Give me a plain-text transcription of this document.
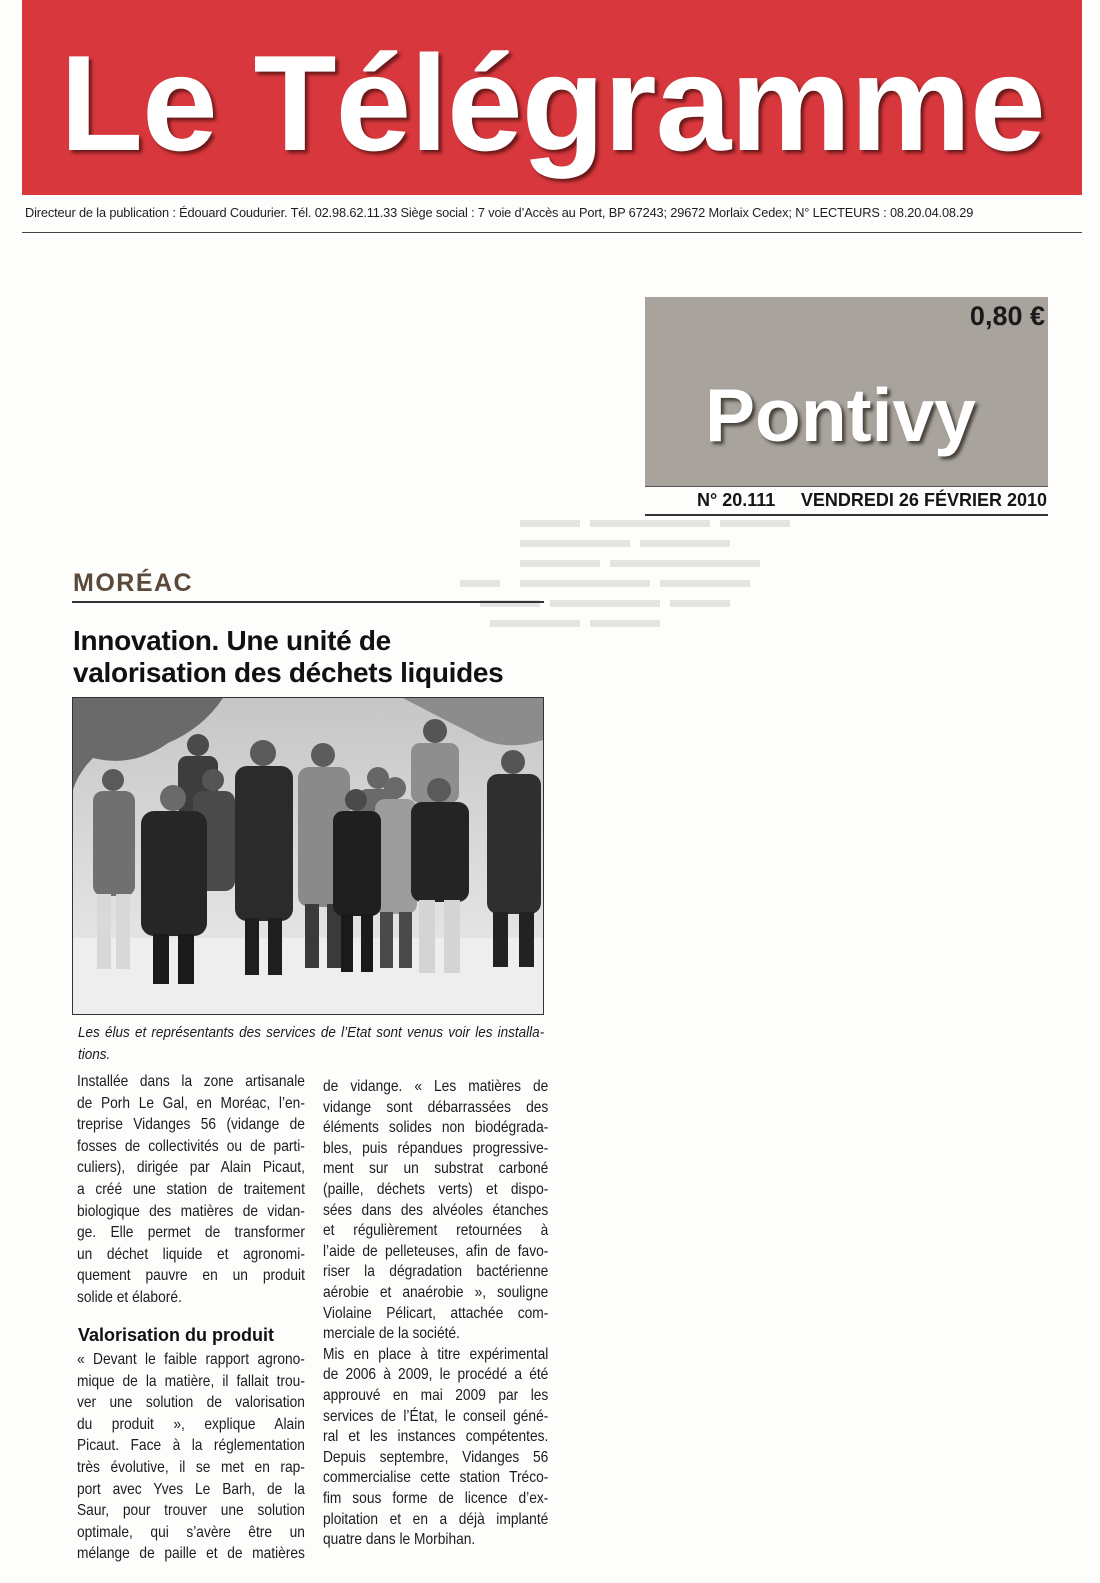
Le Télégramme
Directeur de la publication : Édouard Coudurier. Tél. 02.98.62.11.33 Siège social : 7 voie d’Accès au Port, BP 67243; 29672 Morlaix Cedex; N° LECTEURS : 08.20.04.08.29
0,80 €
Pontivy
N° 20.111 VENDREDI 26 FÉVRIER 2010
MORÉAC
Innovation. Une unité de
valorisation des déchets liquides
Les élus et représentants des services de l’Etat sont venus voir les installa-
tions.
Installée dans la zone artisanale
de Porh Le Gal, en Moréac, l’en-
treprise Vidanges 56 (vidange de
fosses de collectivités ou de parti-
culiers), dirigée par Alain Picaut,
a créé une station de traitement
biologique des matières de vidan-
ge. Elle permet de transformer
un déchet liquide et agronomi-
quement pauvre en un produit
solide et élaboré.
Valorisation du produit
« Devant le faible rapport agrono-
mique de la matière, il fallait trou-
ver une solution de valorisation
du produit », explique Alain
Picaut. Face à la réglementation
très évolutive, il se met en rap-
port avec Yves Le Barh, de la
Saur, pour trouver une solution
optimale, qui s’avère être un
mélange de paille et de matières
de vidange. « Les matières de
vidange sont débarrassées des
éléments solides non biodégrada-
bles, puis répandues progressive-
ment sur un substrat carboné
(paille, déchets verts) et dispo-
sées dans des alvéoles étanches
et régulièrement retournées à
l’aide de pelleteuses, afin de favo-
riser la dégradation bactérienne
aérobie et anaérobie », souligne
Violaine Pélicart, attachée com-
merciale de la société.
Mis en place à titre expérimental
de 2006 à 2009, le procédé a été
approuvé en mai 2009 par les
services de l’État, le conseil géné-
ral et les instances compétentes.
Depuis septembre, Vidanges 56
commercialise cette station Tréco-
fim sous forme de licence d’ex-
ploitation et en a déjà implanté
quatre dans le Morbihan.
